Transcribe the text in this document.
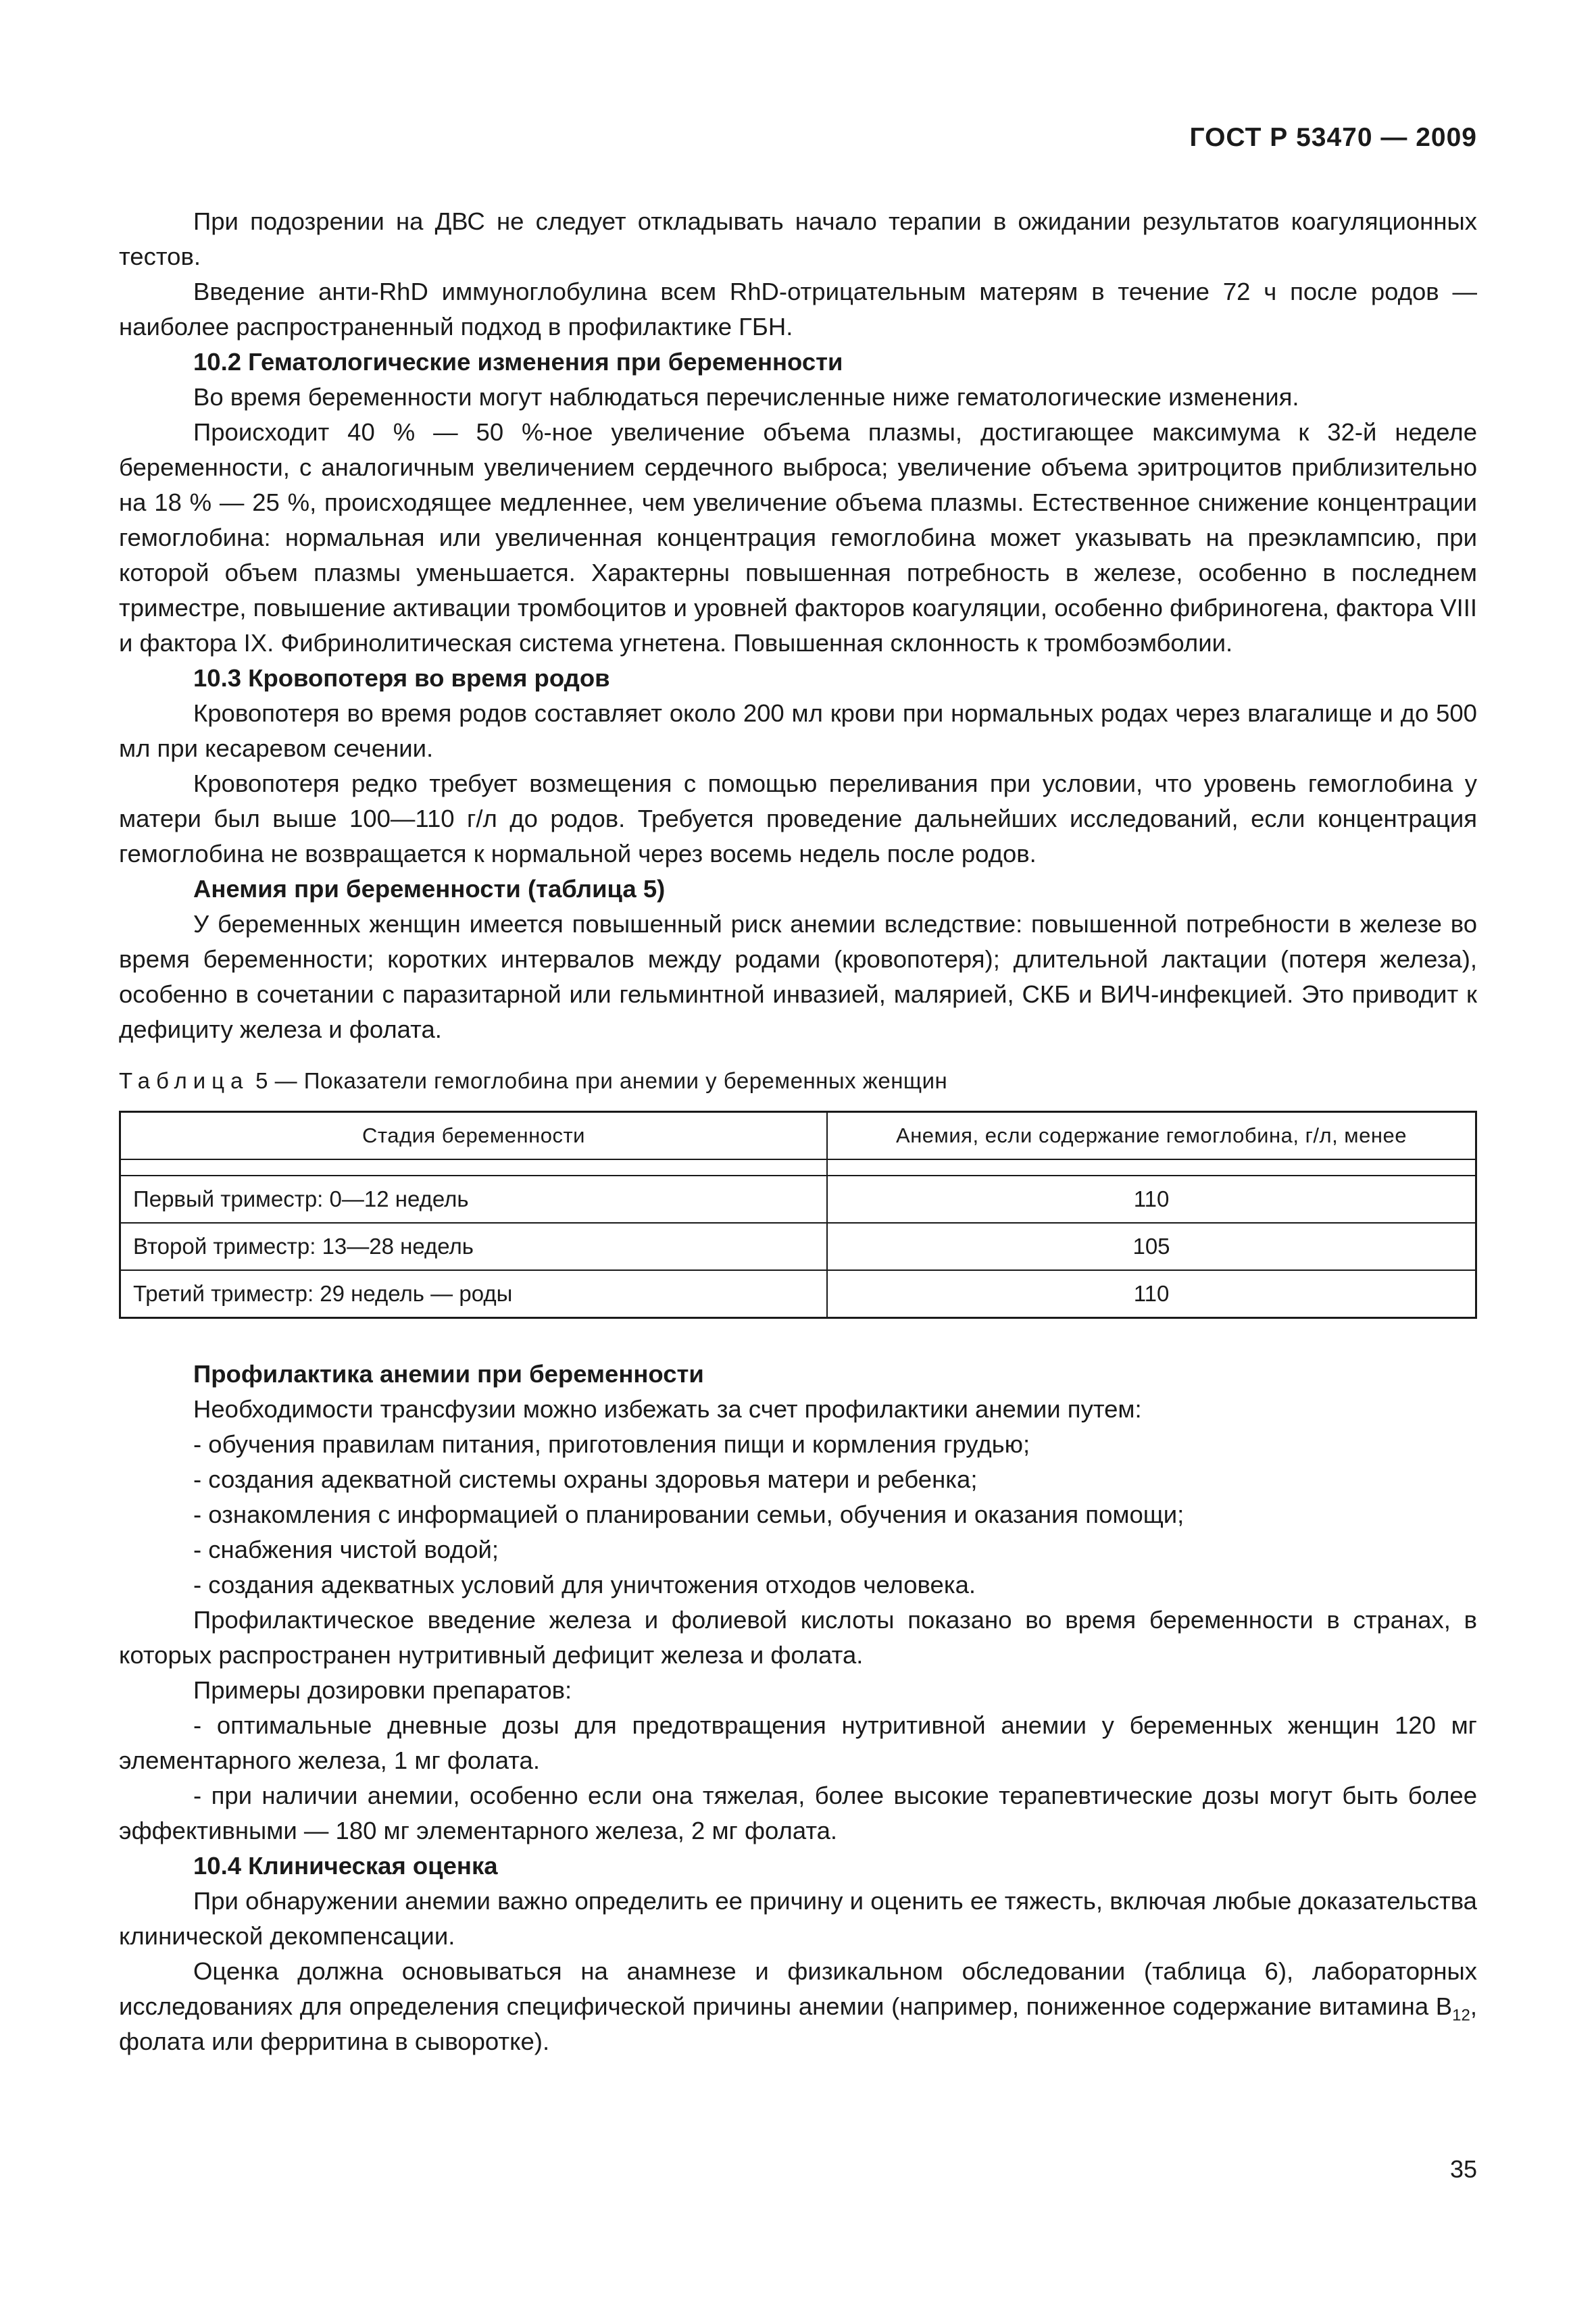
ГОСТ Р 53470 — 2009

При подозрении на ДВС не следует откладывать начало терапии в ожидании результатов коагуляционных тестов.

Введение анти-RhD иммуноглобулина всем RhD-отрицательным матерям в течение 72 ч после родов — наиболее распространенный подход в профилактике ГБН.

10.2 Гематологические изменения при беременности

Во время беременности могут наблюдаться перечисленные ниже гематологические изменения.

Происходит 40 % — 50 %-ное увеличение объема плазмы, достигающее максимума к 32-й неделе беременности, с аналогичным увеличением сердечного выброса; увеличение объема эритроцитов приблизительно на 18 % — 25 %, происходящее медленнее, чем увеличение объема плазмы. Естественное снижение концентрации гемоглобина: нормальная или увеличенная концентрация гемоглобина может указывать на преэклампсию, при которой объем плазмы уменьшается. Характерны повышенная потребность в железе, особенно в последнем триместре, повышение активации тромбоцитов и уровней факторов коагуляции, особенно фибриногена, фактора VIII и фактора IX. Фибринолитическая система угнетена. Повышенная склонность к тромбоэмболии.

10.3 Кровопотеря во время родов

Кровопотеря во время родов составляет около 200 мл крови при нормальных родах через влагалище и до 500 мл при кесаревом сечении.

Кровопотеря редко требует возмещения с помощью переливания при условии, что уровень гемоглобина у матери был выше 100—110 г/л до родов. Требуется проведение дальнейших исследований, если концентрация гемоглобина не возвращается к нормальной через восемь недель после родов.

Анемия при беременности (таблица 5)

У беременных женщин имеется повышенный риск анемии вследствие: повышенной потребности в железе во время беременности; коротких интервалов между родами (кровопотеря); длительной лактации (потеря железа), особенно в сочетании с паразитарной или гельминтной инвазией, малярией, СКБ и ВИЧ-инфекцией. Это приводит к дефициту железа и фолата.

Таблица 5 — Показатели гемоглобина при анемии у беременных женщин

Стадия беременности	Анемия, если содержание гемоглобина, г/л, менее

Первый триместр: 0—12 недель	110
Второй триместр: 13—28 недель	105
Третий триместр: 29 недель — роды	110

Профилактика анемии при беременности

Необходимости трансфузии можно избежать за счет профилактики анемии путем:

- обучения правилам питания, приготовления пищи и кормления грудью;

- создания адекватной системы охраны здоровья матери и ребенка;

- ознакомления с информацией о планировании семьи, обучения и оказания помощи;

- снабжения чистой водой;

- создания адекватных условий для уничтожения отходов человека.

Профилактическое введение железа и фолиевой кислоты показано во время беременности в странах, в которых распространен нутритивный дефицит железа и фолата.

Примеры дозировки препаратов:

- оптимальные дневные дозы для предотвращения нутритивной анемии у беременных женщин 120 мг элементарного железа, 1 мг фолата.

- при наличии анемии, особенно если она тяжелая, более высокие терапевтические дозы могут быть более эффективными — 180 мг элементарного железа, 2 мг фолата.

10.4 Клиническая оценка

При обнаружении анемии важно определить ее причину и оценить ее тяжесть, включая любые доказательства клинической декомпенсации.

Оценка должна основываться на анамнезе и физикальном обследовании (таблица 6), лабораторных исследованиях для определения специфической причины анемии (например, пониженное содержание витамина $B_{12}$, фолата или ферритина в сыворотке).

35
